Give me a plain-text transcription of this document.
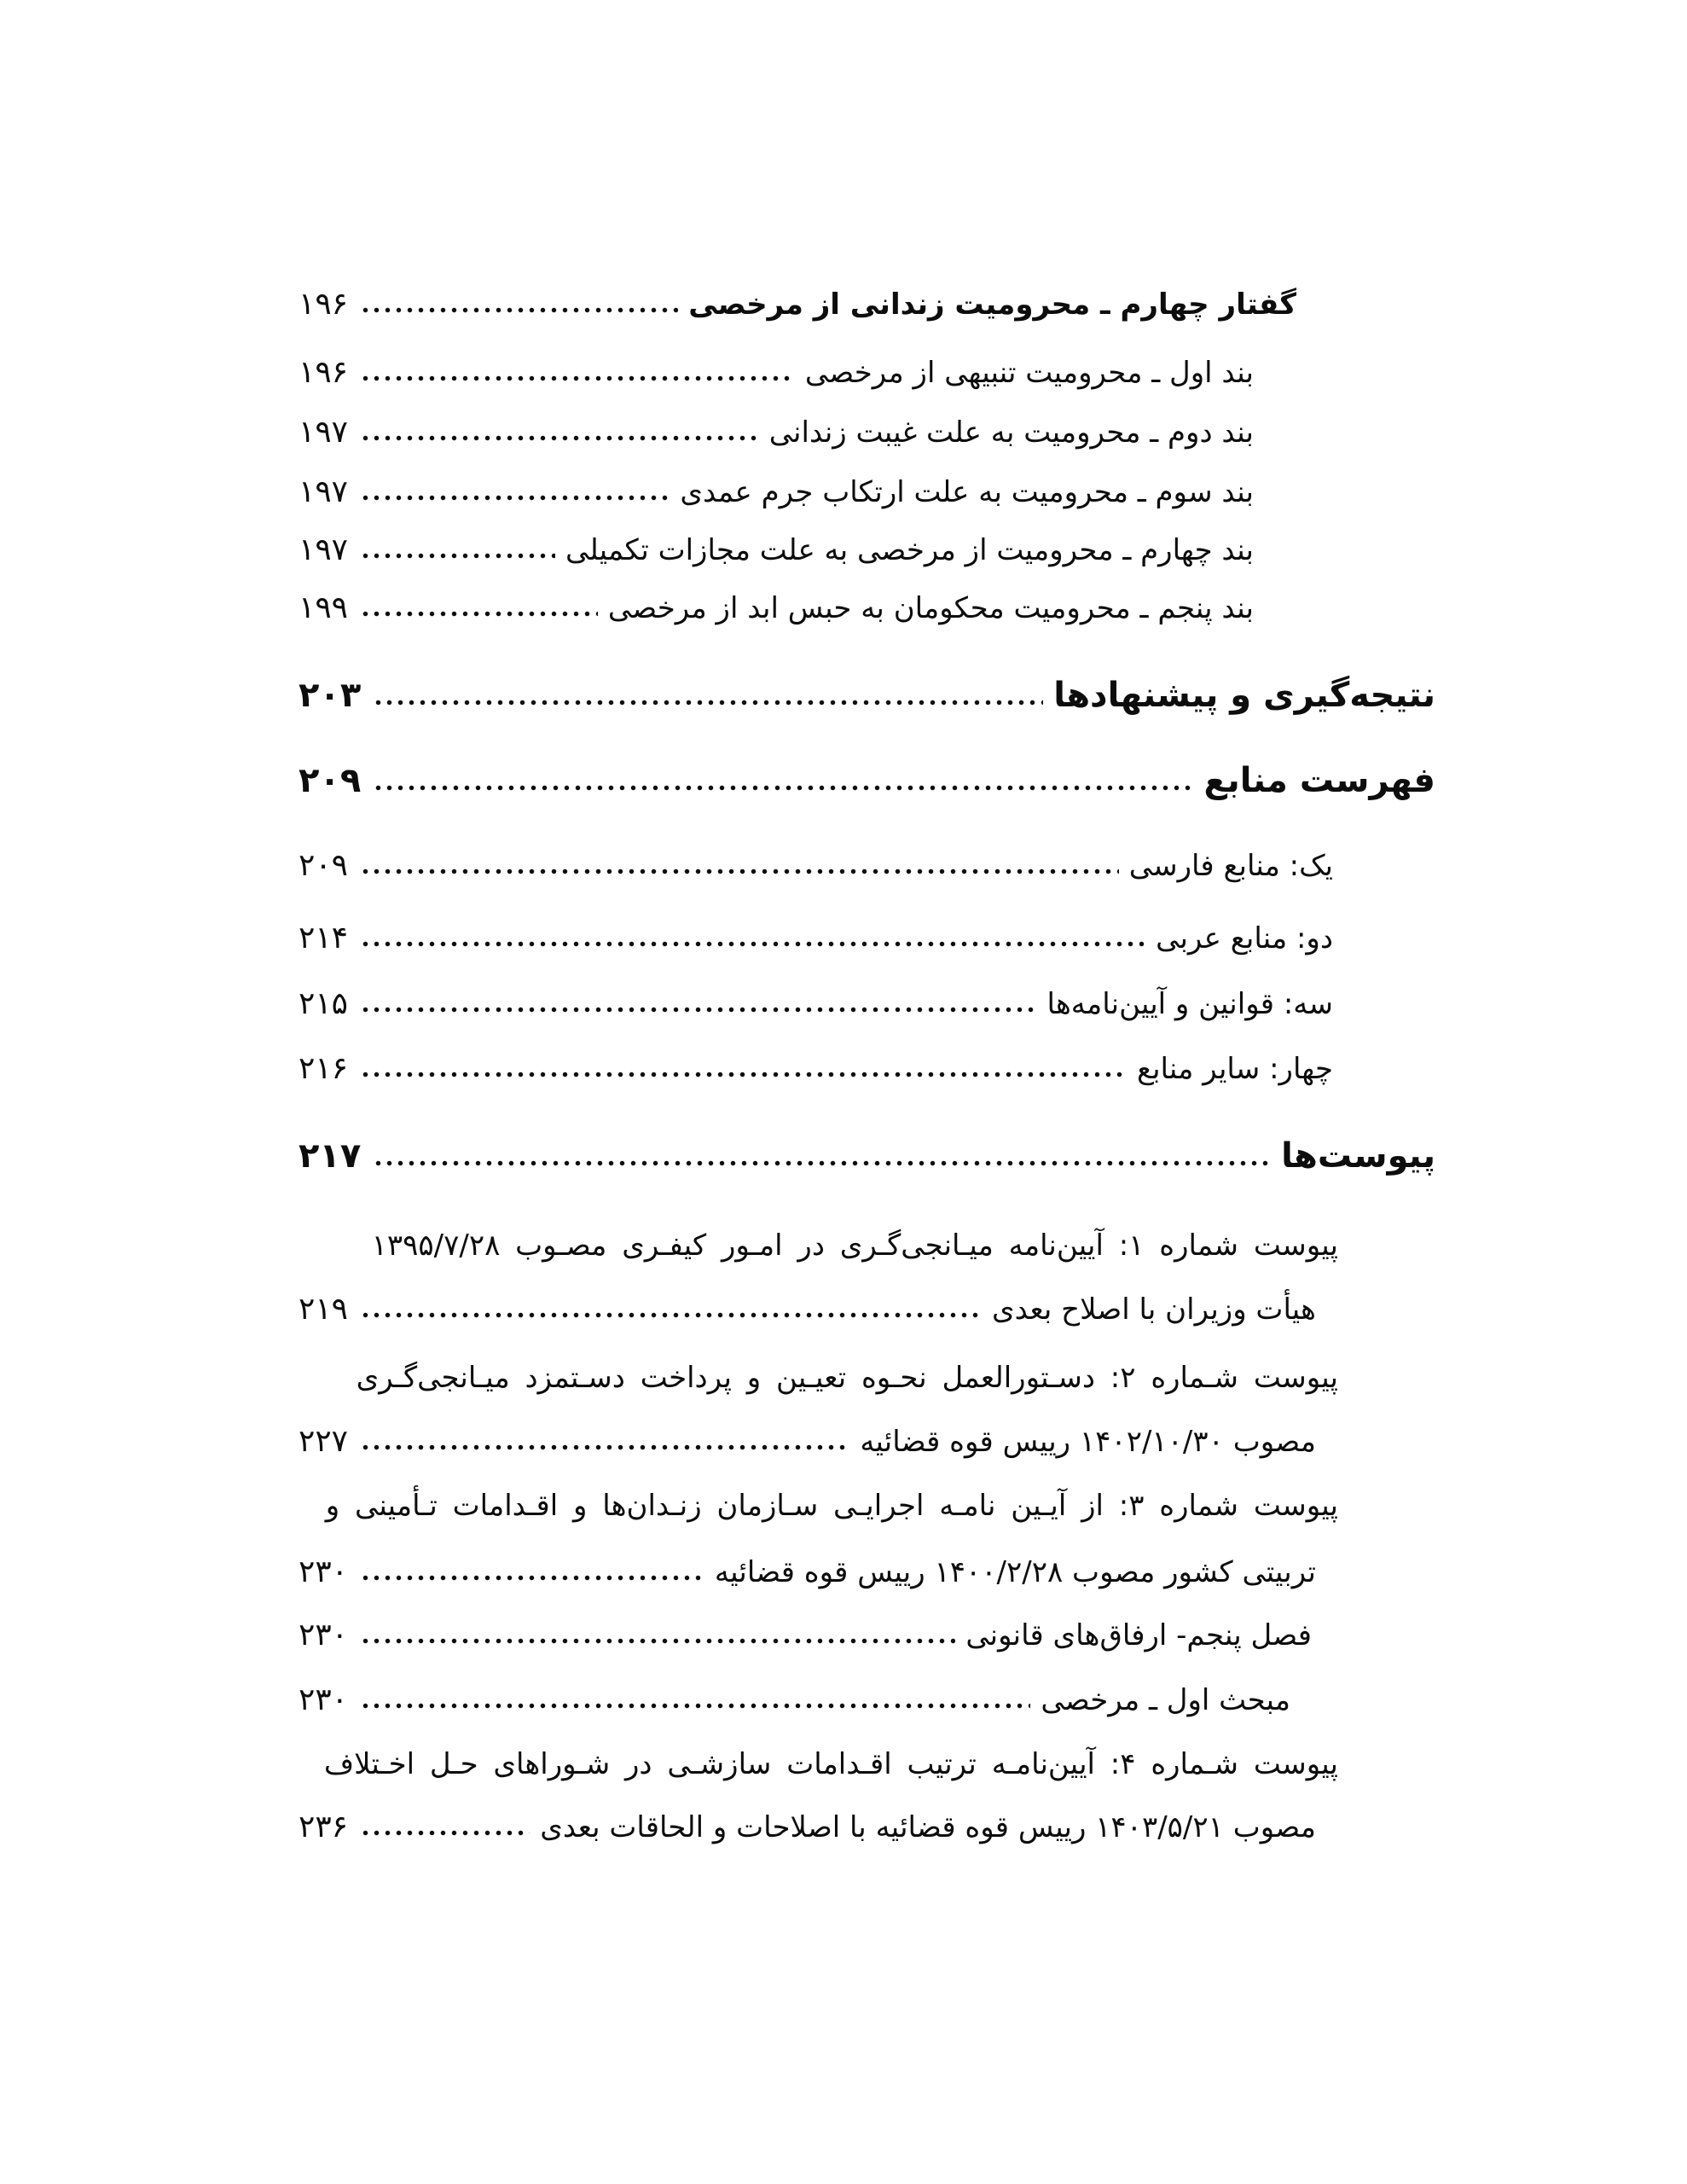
گفتار چهارم ـ محرومیت زندانی از مرخصی
۱۹۶
بند اول ـ محرومیت تنبیهی از مرخصی
۱۹۶
بند دوم ـ محرومیت به علت غیبت زندانی
۱۹۷
بند سوم ـ محرومیت به علت ارتکاب جرم عمدی
۱۹۷
بند چهارم ـ محرومیت از مرخصی به علت مجازات تکمیلی
۱۹۷
بند پنجم ـ محرومیت محکومان به حبس ابد از مرخصی
۱۹۹
نتیجه‌گیری و پیشنهادها
۲۰۳
فهرست منابع
۲۰۹
یک: منابع فارسی
۲۰۹
دو: منابع عربی
۲۱۴
سه: قوانین و آیین‌نامه‌ها
۲۱۵
چهار: سایر منابع
۲۱۶
پیوست‌ها
۲۱۷
پیوست شماره ۱: آیین‌نامه میـانجی‌گـری در امـور کیفـری مصـوب ۱۳۹۵/۷/۲۸
هیأت وزیران با اصلاح بعدی
۲۱۹
پیوست شـماره ۲: دسـتورالعمل نحـوه تعیـین و پرداخت دسـتمزد میـانجی‌گـری
مصوب ۱۴۰۲/۱۰/۳۰ رییس قوه قضائیه
۲۲۷
پیوست شماره ۳: از آیـین نامـه اجرایـی سـازمان زنـدان‌ها و اقـدامات تـأمینی و
تربیتی کشور مصوب ۱۴۰۰/۲/۲۸ رییس قوه قضائیه
۲۳۰
فصل پنجم- ارفاق‌های قانونی
۲۳۰
مبحث اول ـ مرخصی
۲۳۰
پیوست شـماره ۴: آیین‌نامـه ترتیب اقـدامات سازشـی در شـوراهای حـل اخـتلاف
مصوب ۱۴۰۳/۵/۲۱ رییس قوه قضائیه با اصلاحات و الحاقات بعدی
۲۳۶
